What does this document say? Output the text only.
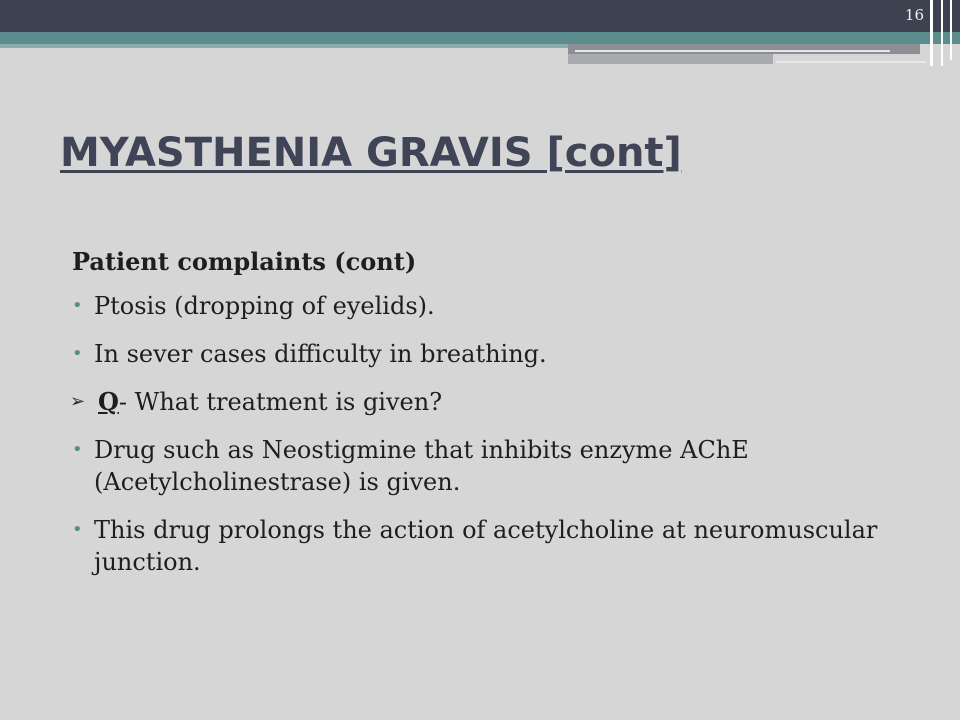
16
MYASTHENIA GRAVIS [cont]
Patient complaints (cont)
• Ptosis (dropping of eyelids).
• In sever cases difficulty in breathing.
➢ Q- What treatment is given?
• Drug such as Neostigmine that inhibits enzyme AChE (Acetylcholinestrase) is given.
• This drug prolongs the action of acetylcholine at neuromuscular junction.
